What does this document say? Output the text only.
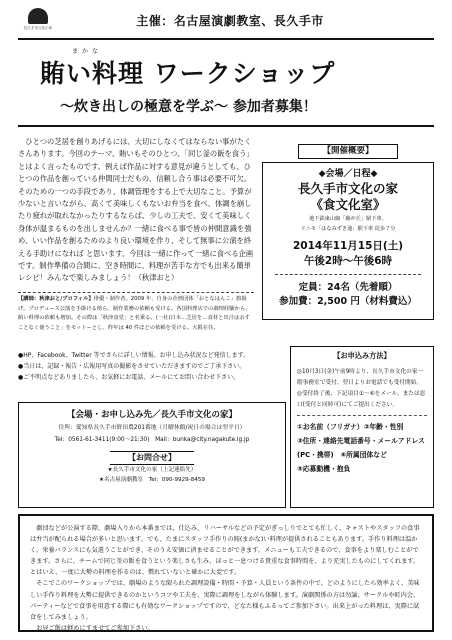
長久手市文化の家	主催：名古屋演劇教室、長久手市
まかな
賄い料理 ワークショップ
～炊き出しの極意を学ぶ～ 参加者募集！

ひとつの芝居を創りあげるには、大切にしなくてはならない事がたくさんあります。今回のテーマ、賄いもそのひとつ、「同じ釜の飯を食う」とはよく言ったものです。例えば作品に対する意見が違うとしても、ひとつの作品を創っている仲間同士だもの、信頼し合う事は必要不可欠。そのための一つの手段であり、体調管理をする上で大切なこと。予算が少ないと言いながら、高くて美味しくもないお弁当を食べ、体調を崩したり疲れが取れなかったりするならば、少しの工夫で、安くて美味しく身体が温まるものを出しませんか？一緒に食べる事で皆の仲間意識を強め、いい作品を創るためのより良い環境を作り、そして無事に公演を終える手助けになれば と思います。今回は一緒に作って一緒に食べる企画です。制作準備の合間に、空き時間に、料理が苦手な方でも出来る簡単レシピ！みんなで楽しみましょう！（秋津おと）

【講師：秋津おと/プロフィル】俳優・制作者。2009 年、自身の企画団体「おとなはんこ」旗揚げ。プロデュース公演を手掛ける傍ら、制作業務の依頼も受ける。各国料理店での調理経験から、賄い料理の依頼も増加。その際は「秋津食堂」と名乗る。(一社)日本…芝居を…食材と出汁は余すことなく使うこと」をモットーとし、昨年は 40 件ほどの依頼を受ける。大阪在住。

【開催概要】
◆会場／日程◆
長久手市文化の家
《食文化室》
地下鉄東山線「藤が丘」駅下車、
リニモ「はなみずき通」駅下車 徒歩７分
2014年11月15日(土)
午後2時～午後6時
定員：24名（先着順）
参加費：2,500 円（材料費込）
●HP、Facebook、Twitter 等でさらに詳しい情報、お申し込み状況など発信します。
●当日は、記録・報告・広報用写真の撮影をさせていただきますのでご了承下さい。
●ご不明点などありましたら、お気軽にお電話、メールにてお問い合わせ下さい。
【会場・お申し込み先／長久手市文化の家】
住所：愛知県長久手市野田農201番地（月曜休館/祝日の場合は翌平日）
Tel：0561-61-3411(9:00～21:30)　Mail：bunka@city.nagakute.lg.jp
【お問合せ】
★長久手市文化の家（上記連絡先）
★名古屋演劇教室　Tel：090-9929-8459
【お申込み方法】
◎10月3日(金)午前9時より、長久手市文化の家一階事務室で受付。翌日よりお電話でも受付開始。◎受付終了後、下記項目①～⑥をメール、または窓口(受付と同時可)にてご提出ください。
①お名前（フリガナ）②年齢・性別
③住所・連絡先電話番号・メールアドレス(PC・携帯)　④所属団体など
⑤応募動機・抱負

劇団などが公演する際、劇場入りから本番までは、仕込み、リハーサルなどの予定がぎっしりでとても忙しく、キャストやスタッフの食事は弁当が配られる場合が多いと思います。でも、たまにスタッフ手作りの賄(まかな)い料理が提供されることもあります。手作り料理は温かく、栄養バランスにも気遣うことができ、そのうえ安価に済ませることができます。メニューも工夫できるので、食事をより楽しむことができます。さらに、チームで同じ釜の飯を食うという楽しさも生み、ほっと一息つける貴重な食事時間を、より充実したものにしてくれます。とはいえ、一度に大勢の料理を作るのは、慣れていないと確かに大変です。

そこでこのワークショップでは、劇場のような限られた調理設備・時間・予算・人員という条件の中で、どのようにしたら効率よく、美味しい手作り料理を大勢に提供できるのかというコツや工夫を、実際に調理をしながら体験します。演劇関係の方は勿論、サークルや町内会、パーティーなどで食事を用意する際にも有効なワークショップですので、どなた様もふるってご参加下さい。出来上がった料理は、実際に試食をしてみましょう。

お昼ご飯は軽めにすませてご参加下さい。
